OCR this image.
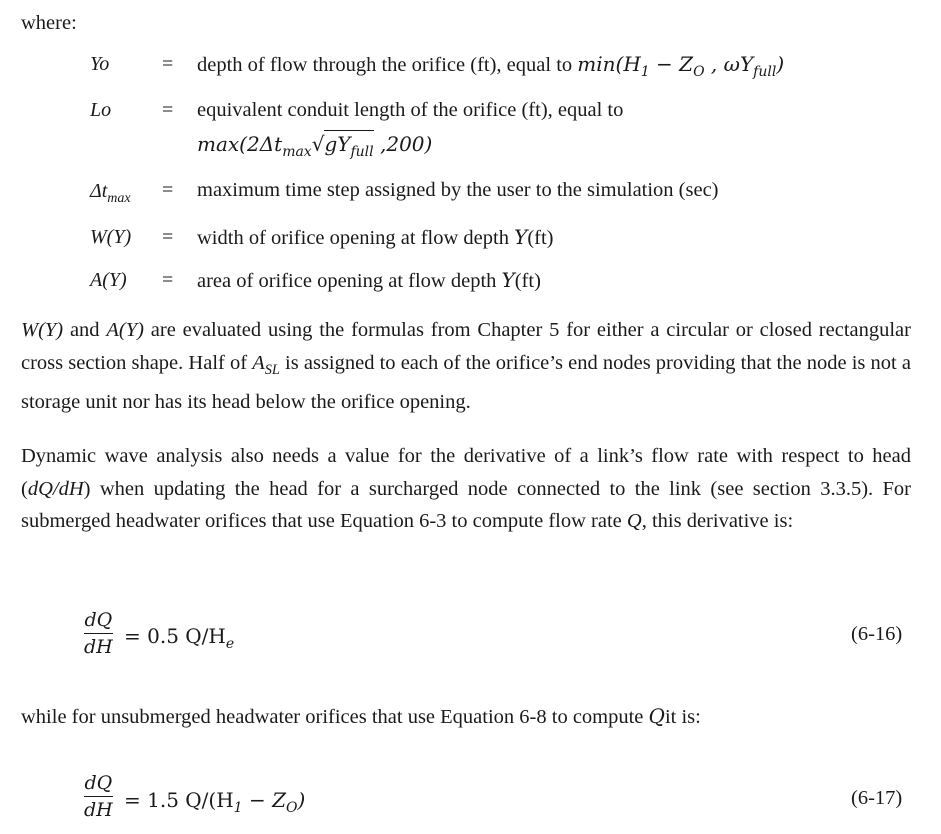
where:
Yo	= depth of flow through the orifice (ft), equal to $\min(H_1 - Z_O$ , $\omega Y_{full}$)
Lo	= equivalent conduit length of the orifice (ft), equal to
$\max(2\Delta t_{max}√gY_{full}$ ,200)
$\Delta t_{max}$ = maximum time step assigned by the user to the simulation (sec)
W(Y) = width of orifice opening at flow depth Y(ft)
A(Y) = area of orifice opening at flow depth Y(ft)
W(Y) and A(Y) are evaluated using the formulas from Chapter 5 for either a circular or closed rectangular cross section shape. Half of $A_{SL}$ is assigned to each of the orifice’s end nodes providing that the node is not a storage unit nor has its head below the orifice opening.
Dynamic wave analysis also needs a value for the derivative of a link’s flow rate with respect to head (dQ/dH) when updating the head for a surcharged node connected to the link (see section 3.3.5). For submerged headwater orifices that use Equation 6-3 to compute flow rate Q, this derivative is:
dQ
dH = 0.5 $Q/H_e$	(6-16)
while for unsubmerged headwater orifices that use Equation 6-8 to compute Qit is:
dQ
dH = 1.5 $Q/(H_1 - Z_O)$	(6-17)
